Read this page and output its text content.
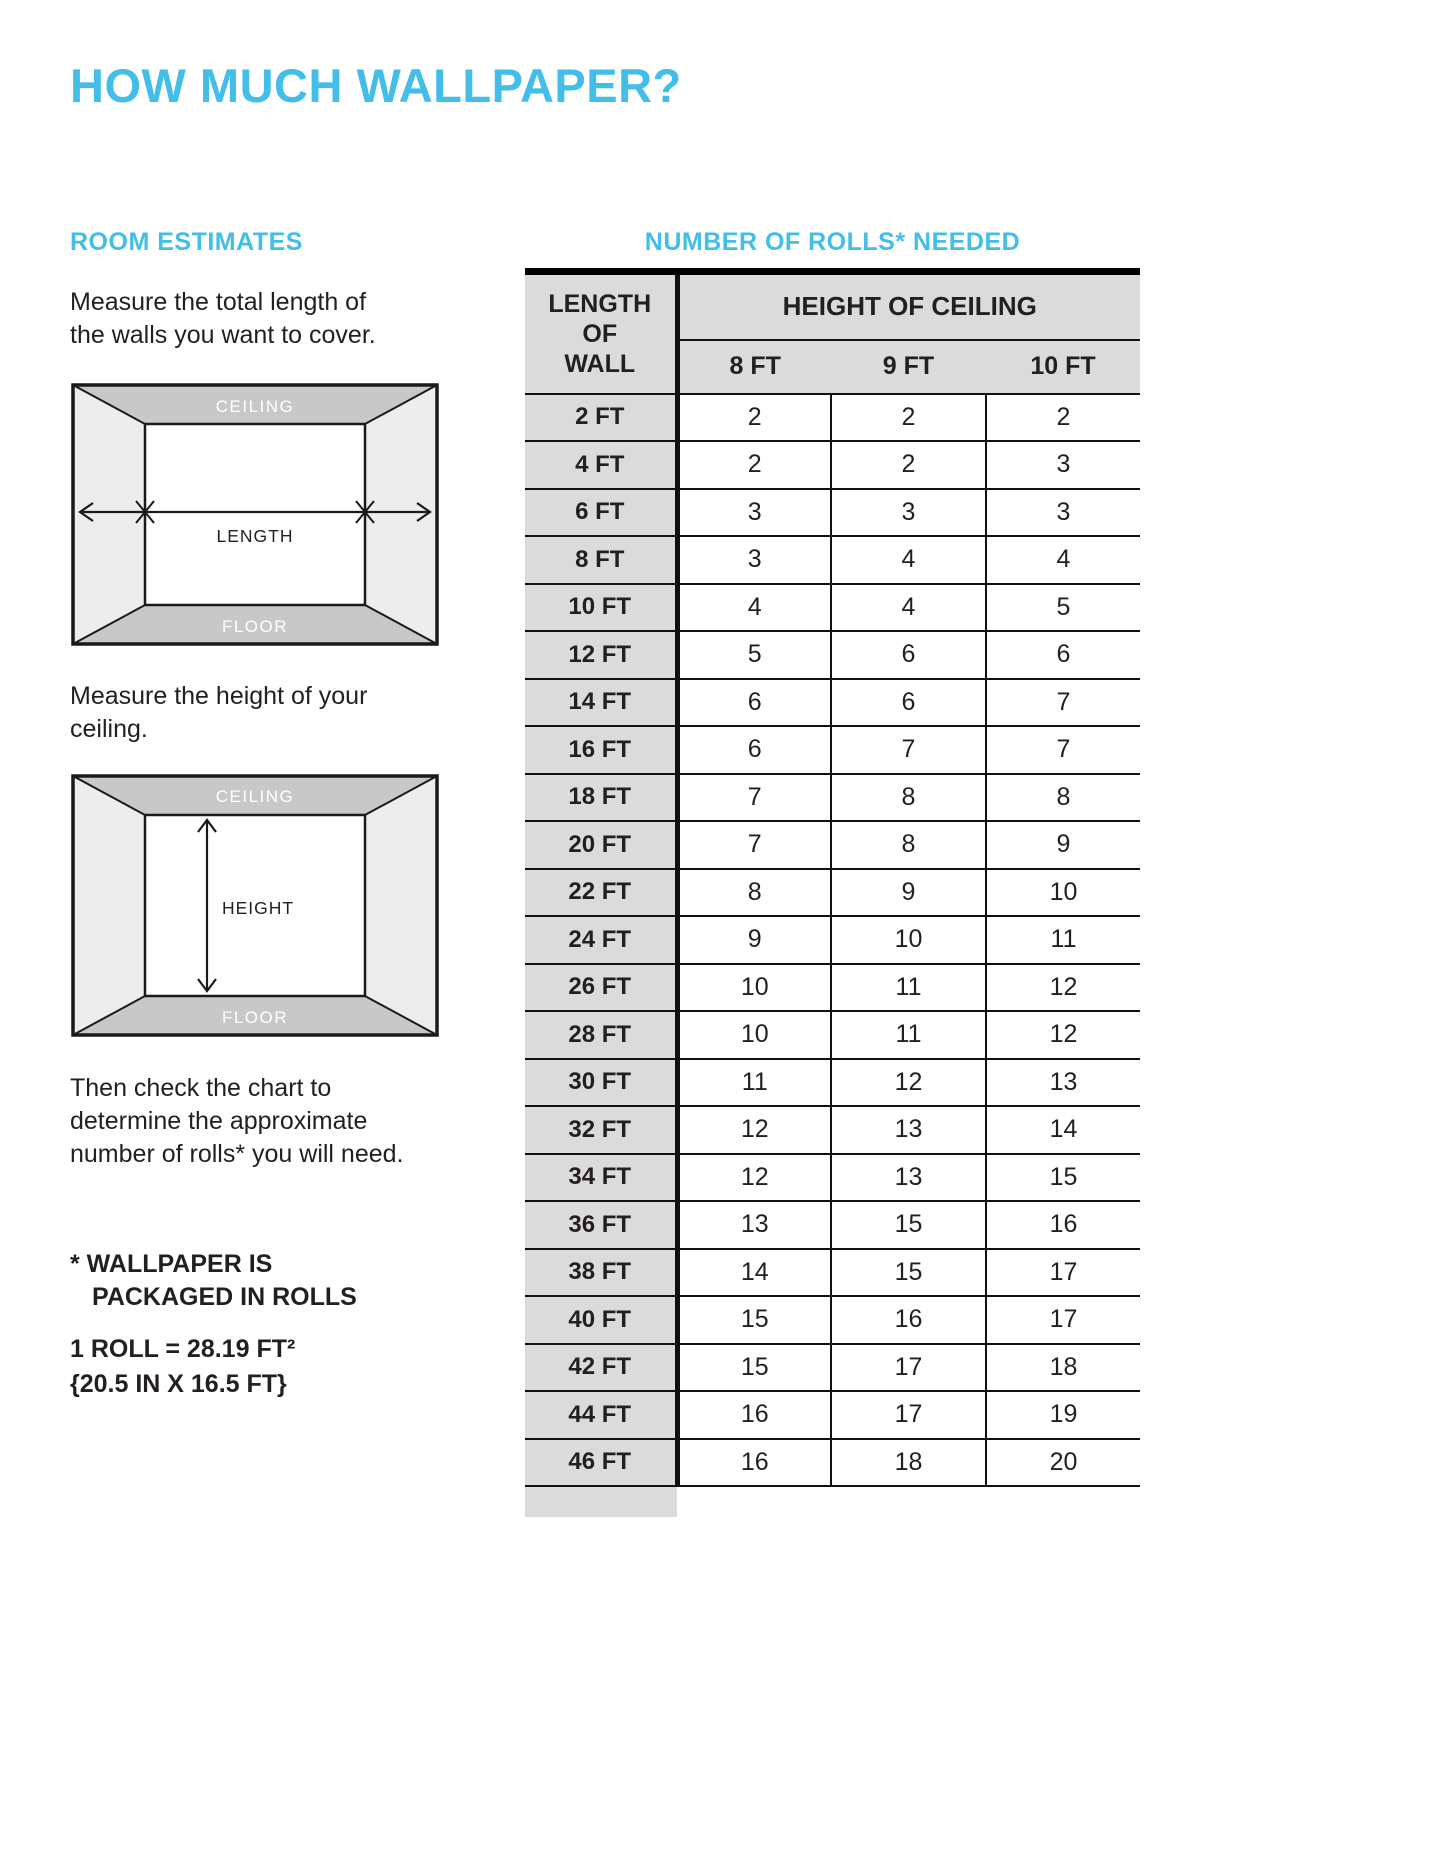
HOW MUCH WALLPAPER?
ROOM ESTIMATES	NUMBER OF ROLLS* NEEDED
Measure the total length of the walls you want to cover.
CEILING
FLOOR
LENGTH
Measure the height of your ceiling.
CEILING
FLOOR
HEIGHT
Then check the chart to determine the approximate number of rolls* you will need.
* WALLPAPER IS
PACKAGED IN ROLLS
1 ROLL = 28.19 FT²
{20.5 IN X 16.5 FT}
LENGTH OF WALL	HEIGHT OF CEILING		
	8 FT	9 FT	10 FT
2 FT	2	2	2
4 FT	2	2	3
6 FT	3	3	3
8 FT	3	4	4
10 FT	4	4	5
12 FT	5	6	6
14 FT	6	6	7
16 FT	6	7	7
18 FT	7	8	8
20 FT	7	8	9
22 FT	8	9	10
24 FT	9	10	11
26 FT	10	11	12
28 FT	10	11	12
30 FT	11	12	13
32 FT	12	13	14
34 FT	12	13	15
36 FT	13	15	16
38 FT	14	15	17
40 FT	15	16	17
42 FT	15	17	18
44 FT	16	17	19
46 FT	16	18	20
